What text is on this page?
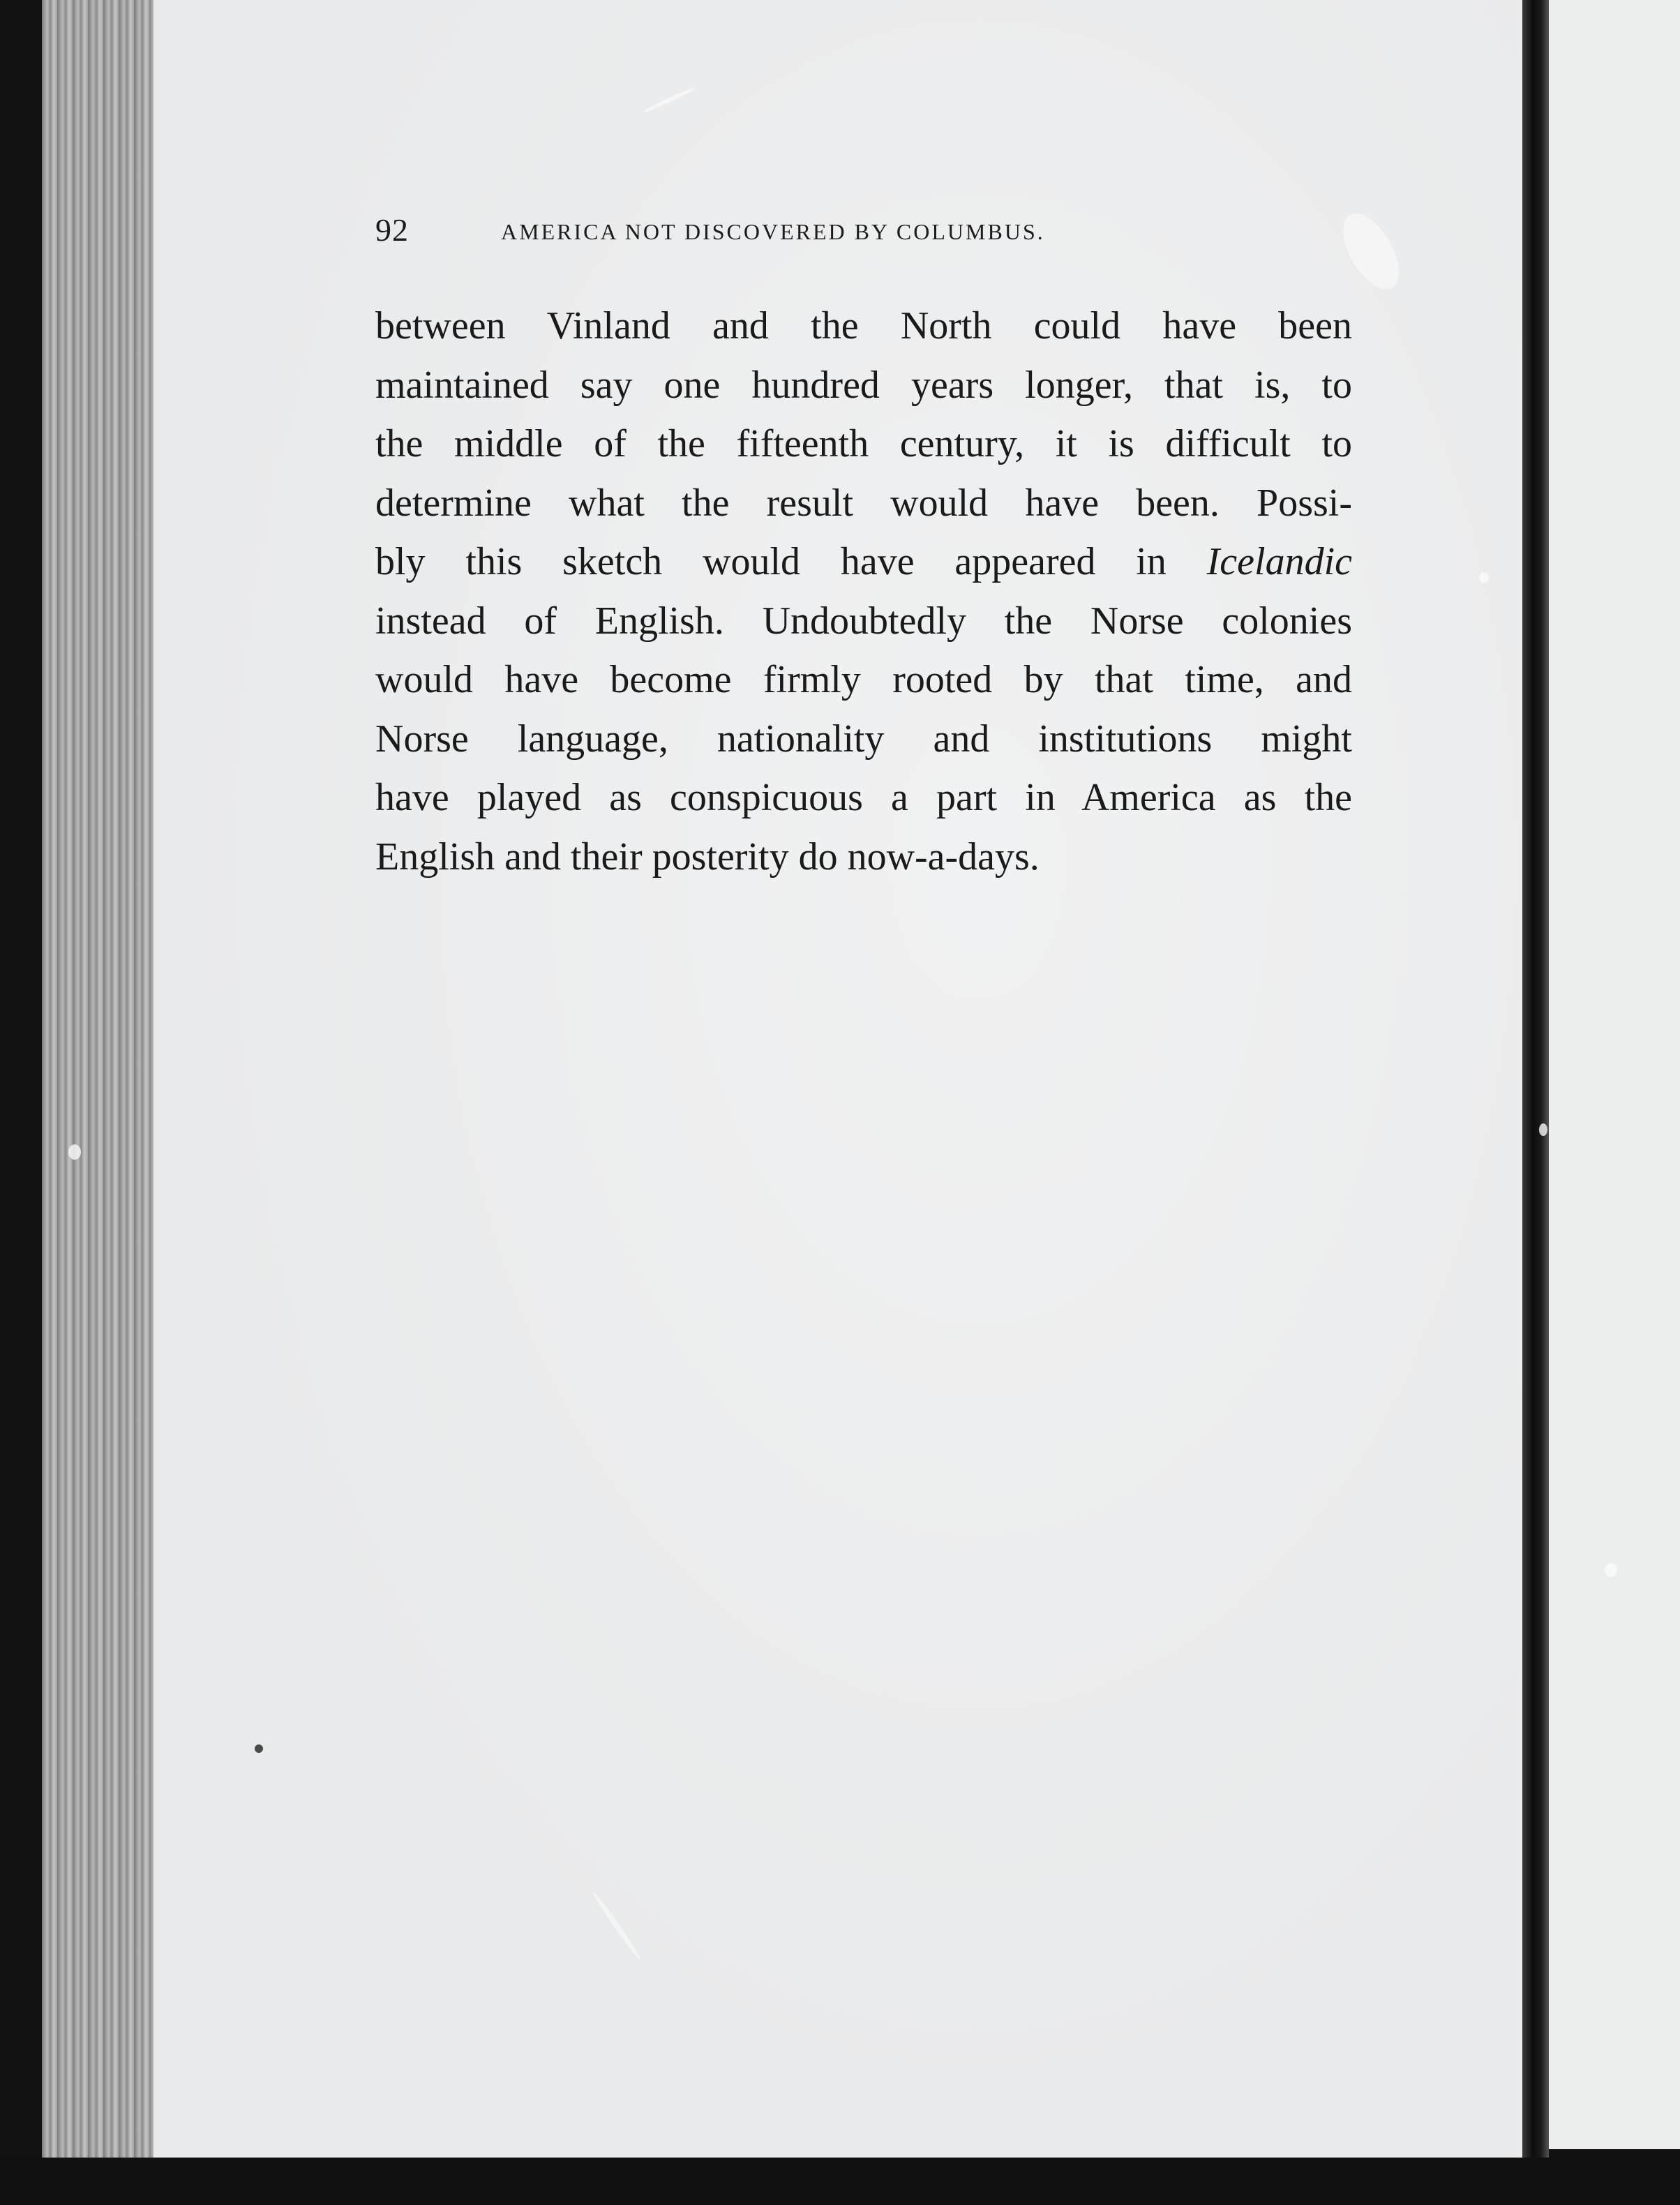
92	AMERICA NOT DISCOVERED BY COLUMBUS.
between Vinland and the North could have been
maintained say one hundred years longer, that is, to
the middle of the fifteenth century, it is difficult to
determine what the result would have been. Possi-
bly this sketch would have appeared in Icelandic
instead of English. Undoubtedly the Norse colonies
would have become firmly rooted by that time, and
Norse language, nationality and institutions might
have played as conspicuous a part in America as the
English and their posterity do now-a-days.
